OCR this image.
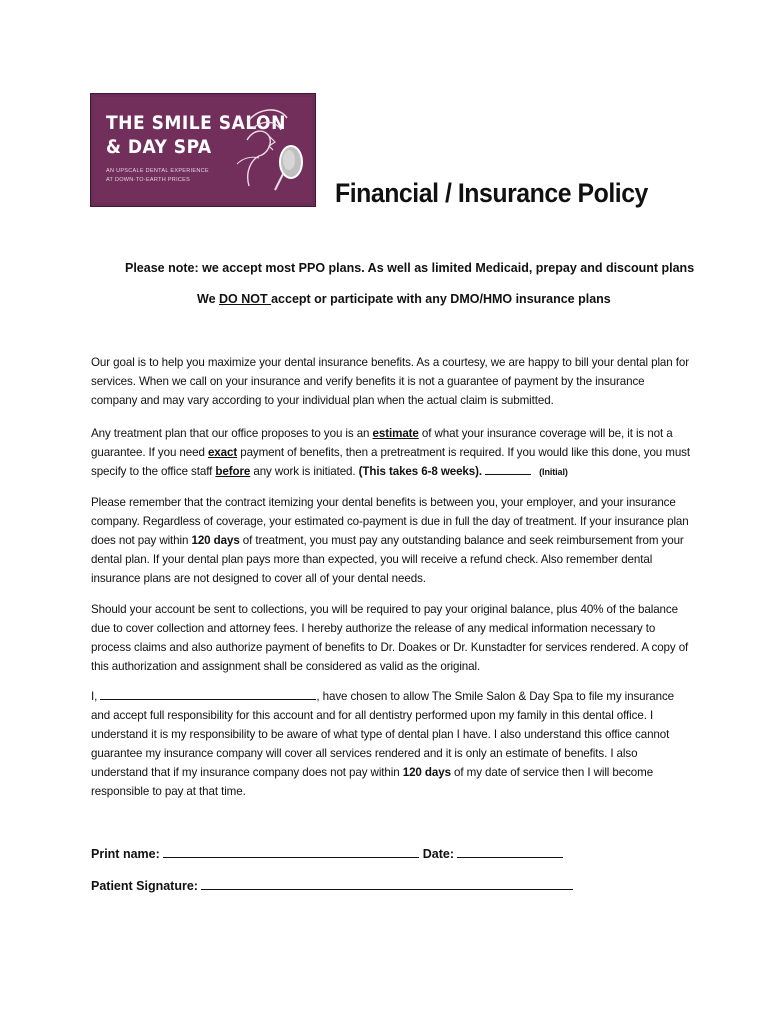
THE SMILE SALON
& DAY SPA
AN UPSCALE DENTAL EXPERIENCE
AT DOWN-TO-EARTH PRICES	Financial / Insurance Policy
Please note: we accept most PPO plans. As well as limited Medicaid, prepay and discount plans
We DO NOT accept or participate with any DMO/HMO insurance plans
Our goal is to help you maximize your dental insurance benefits. As a courtesy, we are happy to bill your dental plan for services. When we call on your insurance and verify benefits it is not a guarantee of payment by the insurance company and may vary according to your individual plan when the actual claim is submitted.
Any treatment plan that our office proposes to you is an estimate of what your insurance coverage will be, it is not a guarantee. If you need exact payment of benefits, then a pretreatment is required. If you would like this done, you must specify to the office staff before any work is initiated. (This takes 6-8 weeks).	(Initial)
Please remember that the contract itemizing your dental benefits is between you, your employer, and your insurance company. Regardless of coverage, your estimated co-payment is due in full the day of treatment. If your insurance plan does not pay within 120 days of treatment, you must pay any outstanding balance and seek reimbursement from your dental plan. If your dental plan pays more than expected, you will receive a refund check. Also remember dental insurance plans are not designed to cover all of your dental needs.
Should your account be sent to collections, you will be required to pay your original balance, plus 40% of the balance due to cover collection and attorney fees. I hereby authorize the release of any medical information necessary to process claims and also authorize payment of benefits to Dr. Doakes or Dr. Kunstadter for services rendered. A copy of this authorization and assignment shall be considered as valid as the original.
I,	, have chosen to allow The Smile Salon & Day Spa to file my insurance and accept full responsibility for this account and for all dentistry performed upon my family in this dental office. I understand it is my responsibility to be aware of what type of dental plan I have. I also understand this office cannot guarantee my insurance company will cover all services rendered and it is only an estimate of benefits. I also understand that if my insurance company does not pay within 120 days of my date of service then I will become responsible to pay at that time.
Print name:	Date:
Patient Signature:
